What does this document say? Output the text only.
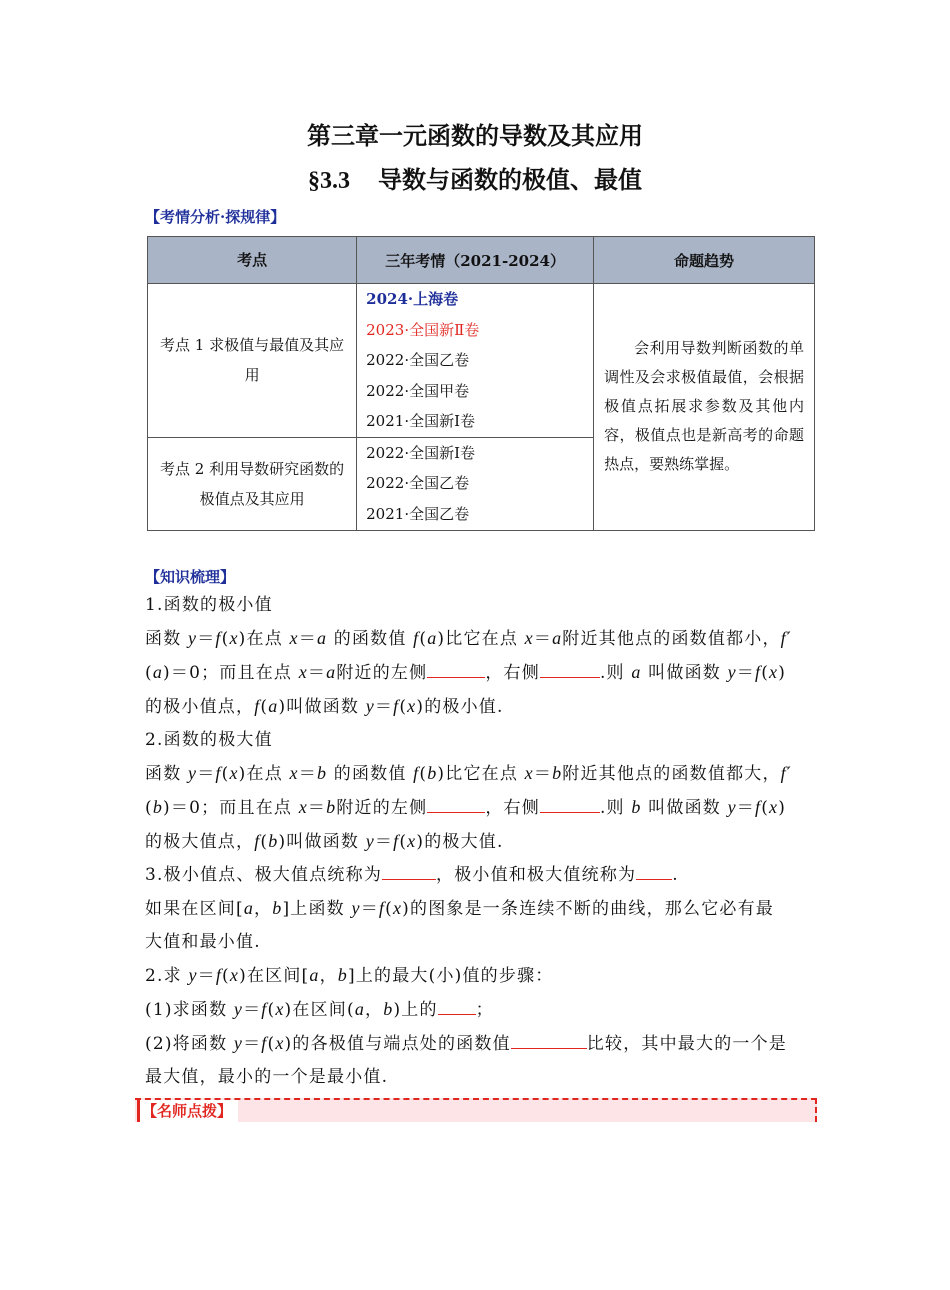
第三章一元函数的导数及其应用
§3.3 导数与函数的极值、最值
【考情分析·探规律】
考点	三年考情（2021-2024）	命题趋势
考点 1 求极值与最值及其应用	2024·上海卷
2023·全国新Ⅱ卷
2022·全国乙卷
2022·全国甲卷
2021·全国新Ⅰ卷	会利用导数判断函数的单调性及会求极值最值，会根据极值点拓展求参数及其他内容，极值点也是新高考的命题热点，要熟练掌握。

考点 2 利用导数研究函数的极值点及其应用	2022·全国新Ⅰ卷
2022·全国乙卷
2021·全国乙卷	
【知识梳理】

1.函数的极小值

函数 y＝f(x)在点 x＝a 的函数值 f(a)比它在点 x＝a附近其他点的函数值都小，f′

(a)＝0；而且在点 x＝a附近的左侧	，右侧	.则 a 叫做函数 y＝f(x)

的极小值点，f(a)叫做函数 y＝f(x)的极小值.

2.函数的极大值

函数 y＝f(x)在点 x＝b 的函数值 f(b)比它在点 x＝b附近其他点的函数值都大，f′

(b)＝0；而且在点 x＝b附近的左侧	，右侧	.则 b 叫做函数 y＝f(x)

的极大值点，f(b)叫做函数 y＝f(x)的极大值.

3.极小值点、极大值点统称为	，极小值和极大值统称为 .

如果在区间[a，b]上函数 y＝f(x)的图象是一条连续不断的曲线，那么它必有最

大值和最小值.

2.求 y＝f(x)在区间[a，b]上的最大(小)值的步骤：

(1)求函数 y＝f(x)在区间(a，b)上的 ；

(2)将函数 y＝f(x)的各极值与端点处的函数值	比较，其中最大的一个是

最大值，最小的一个是最小值.

【名师点拨】
